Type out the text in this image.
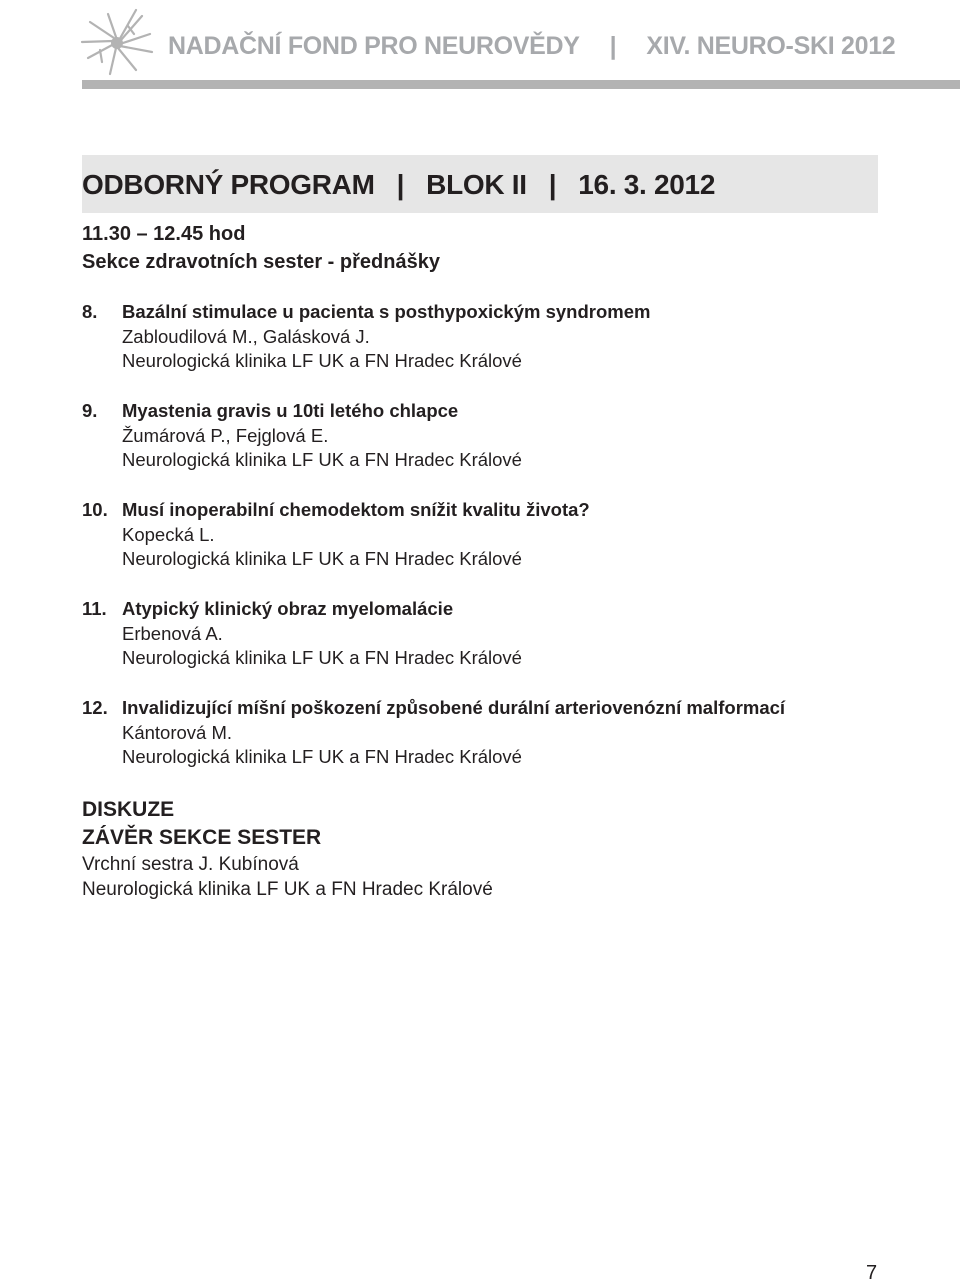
NADAČNÍ FOND PRO NEUROVĚDY | XIV. NEURO-SKI 2012
ODBORNÝ PROGRAM | BLOK II | 16. 3. 2012
11.30 – 12.45 hod
Sekce zdravotních sester - přednášky
8. Bazální stimulace u pacienta s posthypoxickým syndromem
Zabloudilová M., Galásková J.
Neurologická klinika LF UK a FN Hradec Králové
9. Myastenia gravis u 10ti letého chlapce
Žumárová P., Fejglová E.
Neurologická klinika LF UK a FN Hradec Králové
10. Musí inoperabilní chemodektom snížit kvalitu života?
Kopecká L.
Neurologická klinika LF UK a FN Hradec Králové
11. Atypický klinický obraz myelomalácie
Erbenová A.
Neurologická klinika LF UK a FN Hradec Králové
12. Invalidizující míšní poškození způsobené durální arteriovenózní malformací
Kántorová M.
Neurologická klinika LF UK a FN Hradec Králové
DISKUZE
ZÁVĚR SEKCE SESTER
Vrchní sestra J. Kubínová
Neurologická klinika LF UK a FN Hradec Králové
7
